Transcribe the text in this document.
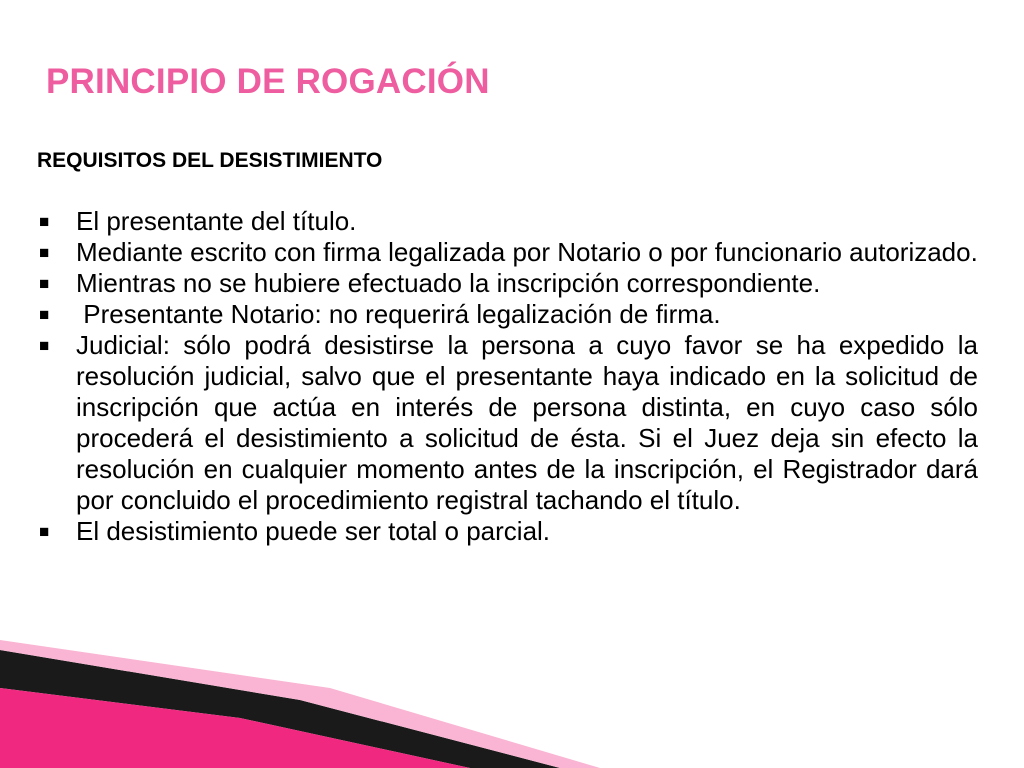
PRINCIPIO DE ROGACIÓN
REQUISITOS DEL DESISTIMIENTO
■	El presentante del título.
■	Mediante escrito con firma legalizada por Notario o por funcionario autorizado.
■	Mientras no se hubiere efectuado la inscripción correspondiente.
■	Presentante Notario: no requerirá legalización de firma.
■	Judicial: sólo podrá desistirse la persona a cuyo favor se ha expedido la resolución judicial, salvo que el presentante haya indicado en la solicitud de inscripción que actúa en interés de persona distinta, en cuyo caso sólo procederá el desistimiento a solicitud de ésta. Si el Juez deja sin efecto la resolución en cualquier momento antes de la inscripción, el Registrador dará por concluido el procedimiento registral tachando el título.
■	El desistimiento puede ser total o parcial.
